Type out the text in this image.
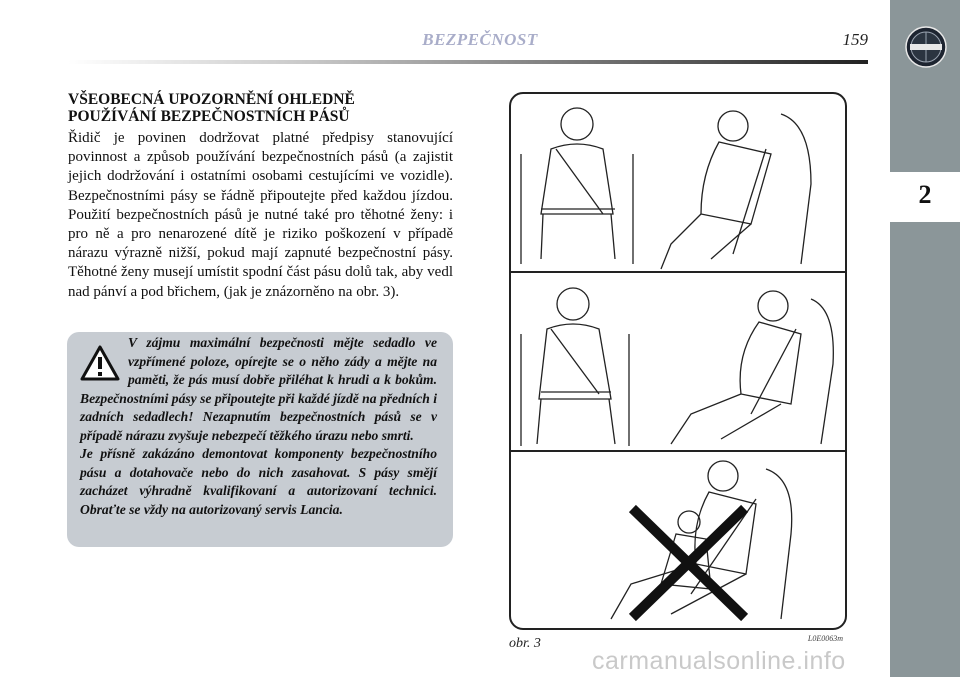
BEZPEČNOST	159
2
VŠEOBECNÁ UPOZORNĚNÍ OHLEDNĚ
POUŽÍVÁNÍ BEZPEČNOSTNÍCH PÁSŮ
Řidič je povinen dodržovat platné předpisy stanovující povinnost a způsob používání bezpečnostních pásů (a zajistit jejich dodržování i ostatními osobami cestujícími ve vozidle). Bezpečnostními pásy se řádně připoutejte před každou jízdou. Použití bezpečnostních pásů je nutné také pro těhotné ženy: i pro ně a pro nenarozené dítě je riziko poškození v případě nárazu výrazně nižší, pokud mají zapnuté bezpečnostní pásy. Těhotné ženy musejí umístit spodní část pásu dolů tak, aby vedl nad pánví a pod břichem, (jak je znázorněno na obr. 3).

V zájmu maximální bezpečnosti mějte sedadlo ve vzpřímené poloze, opírejte se o něho zády a mějte na paměti, že pás musí dobře přiléhat k hrudi a k bokům. Bezpečnostními pásy se připoutejte při každé jízdě na předních i zadních sedadlech! Nezapnutím bezpečnostních pásů se v případě nárazu zvyšuje nebezpečí těžkého úrazu nebo smrti.

Je přísně zakázáno demontovat komponenty bezpečnostního pásu a dotahovače nebo do nich zasahovat. S pásy smějí zacházet výhradně kvalifikovaní a autorizovaní technici. Obraťte se vždy na autorizovaný servis Lancia.

obr. 3	L0E0063m
carmanualsonline.info
